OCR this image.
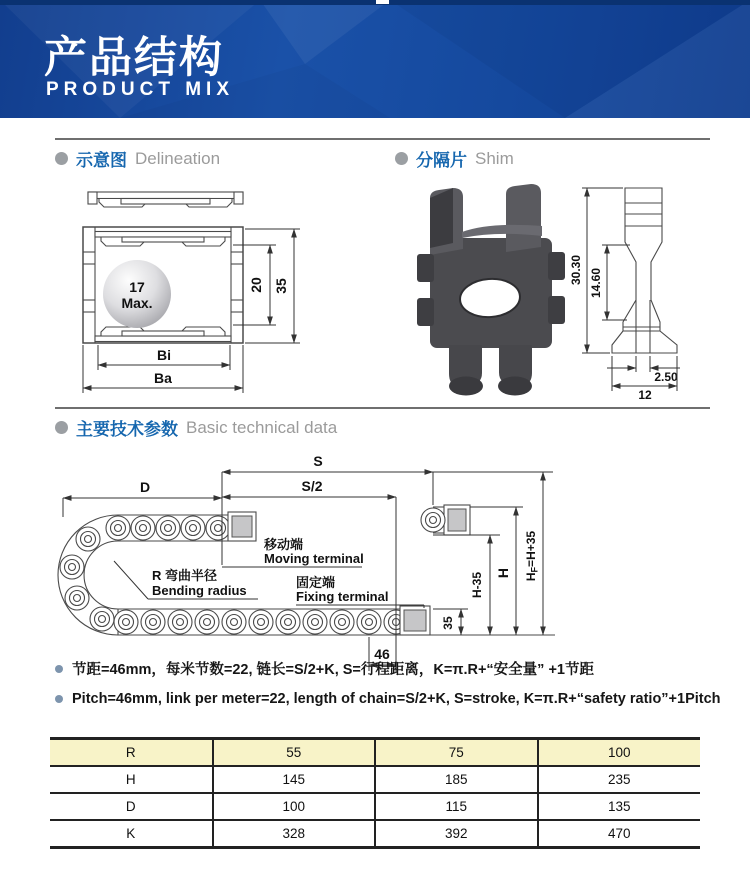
产品结构
PRODUCT MIX
示意图 Delineation	分隔片 Shim
17
Max.
20 35
Bi
Ba
30.30 14.60
2.50
12
主要技术参数 Basic technical data
D
S
S/2
46
35
H-35 H $H_F=H+35$
移动端
Moving terminal
固定端
Fixing terminal
R 弯曲半径
Bending radius
节距=46mm，每米节数=22, 链长=S/2+K, S=行程距离，K=π.R+“安全量” +1节距
Pitch=46mm, link per meter=22, length of chain=S/2+K, S=stroke, K=π.R+“safety ratio”+1Pitch
R	55	75	100
H	145	185	235
D	100	115	135
K	328	392	470
